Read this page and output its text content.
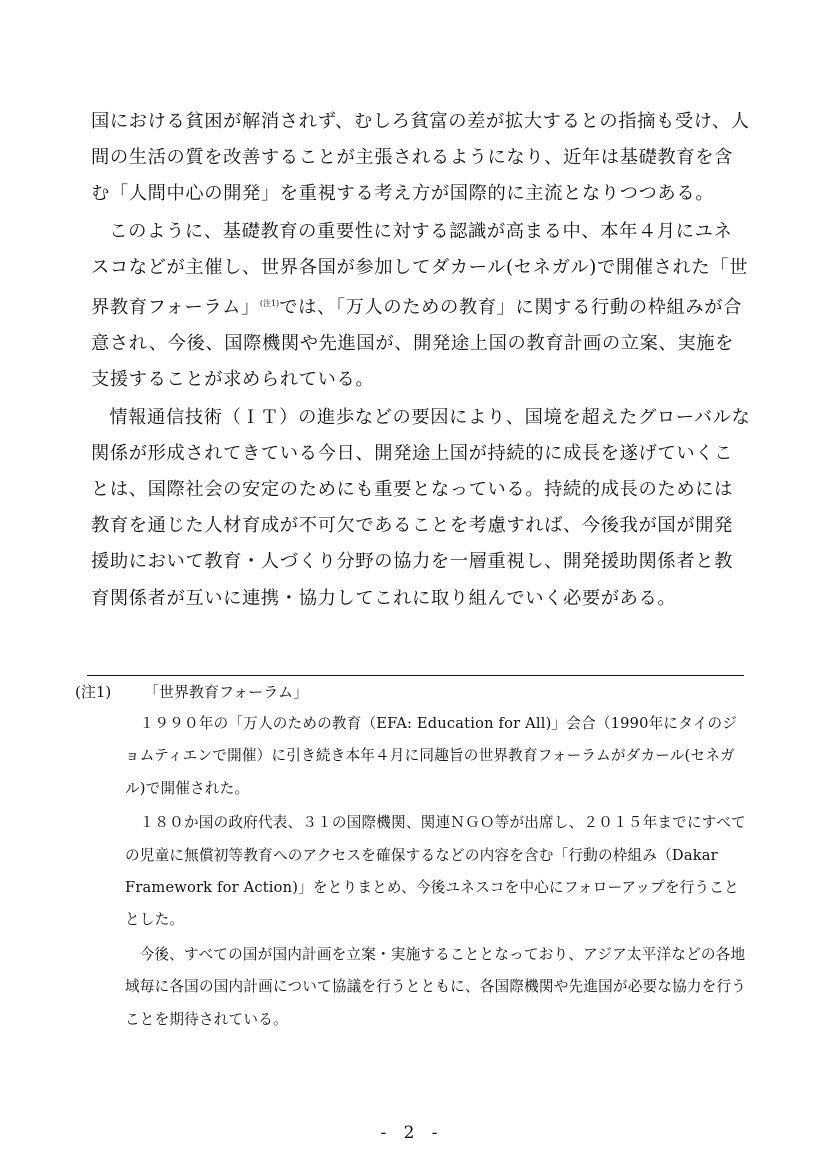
国における貧困が解消されず、むしろ貧富の差が拡大するとの指摘も受け、人間の生活の質を改善することが主張されるようになり、近年は基礎教育を含む「人間中心の開発」を重視する考え方が国際的に主流となりつつある。

このように、基礎教育の重要性に対する認識が高まる中、本年４月にユネスコなどが主催し、世界各国が参加してダカール(セネガル)で開催された「世界教育フォーラム」$^{(注1)}$では、「万人のための教育」に関する行動の枠組みが合意され、今後、国際機関や先進国が、開発途上国の教育計画の立案、実施を支援することが求められている。

情報通信技術（ＩＴ）の進歩などの要因により、国境を超えたグローバルな関係が形成されてきている今日、開発途上国が持続的に成長を遂げていくことは、国際社会の安定のためにも重要となっている。持続的成長のためには教育を通じた人材育成が不可欠であることを考慮すれば、今後我が国が開発援助において教育・人づくり分野の協力を一層重視し、開発援助関係者と教育関係者が互いに連携・協力してこれに取り組んでいく必要がある。

(注1) 「世界教育フォーラム」

１９９０年の「万人のための教育（EFA: Education for All)」会合（1990年にタイのジョムティエンで開催）に引き続き本年４月に同趣旨の世界教育フォーラムがダカール(セネガル)で開催された。

１８０か国の政府代表、３１の国際機関、関連ＮＧＯ等が出席し、２０１５年までにすべての児童に無償初等教育へのアクセスを確保するなどの内容を含む「行動の枠組み（Dakar Framework for Action)」をとりまとめ、今後ユネスコを中心にフォローアップを行うこととした。

今後、すべての国が国内計画を立案・実施することとなっており、アジア太平洋などの各地域毎に各国の国内計画について協議を行うとともに、各国際機関や先進国が必要な協力を行うことを期待されている。

- 2 -
